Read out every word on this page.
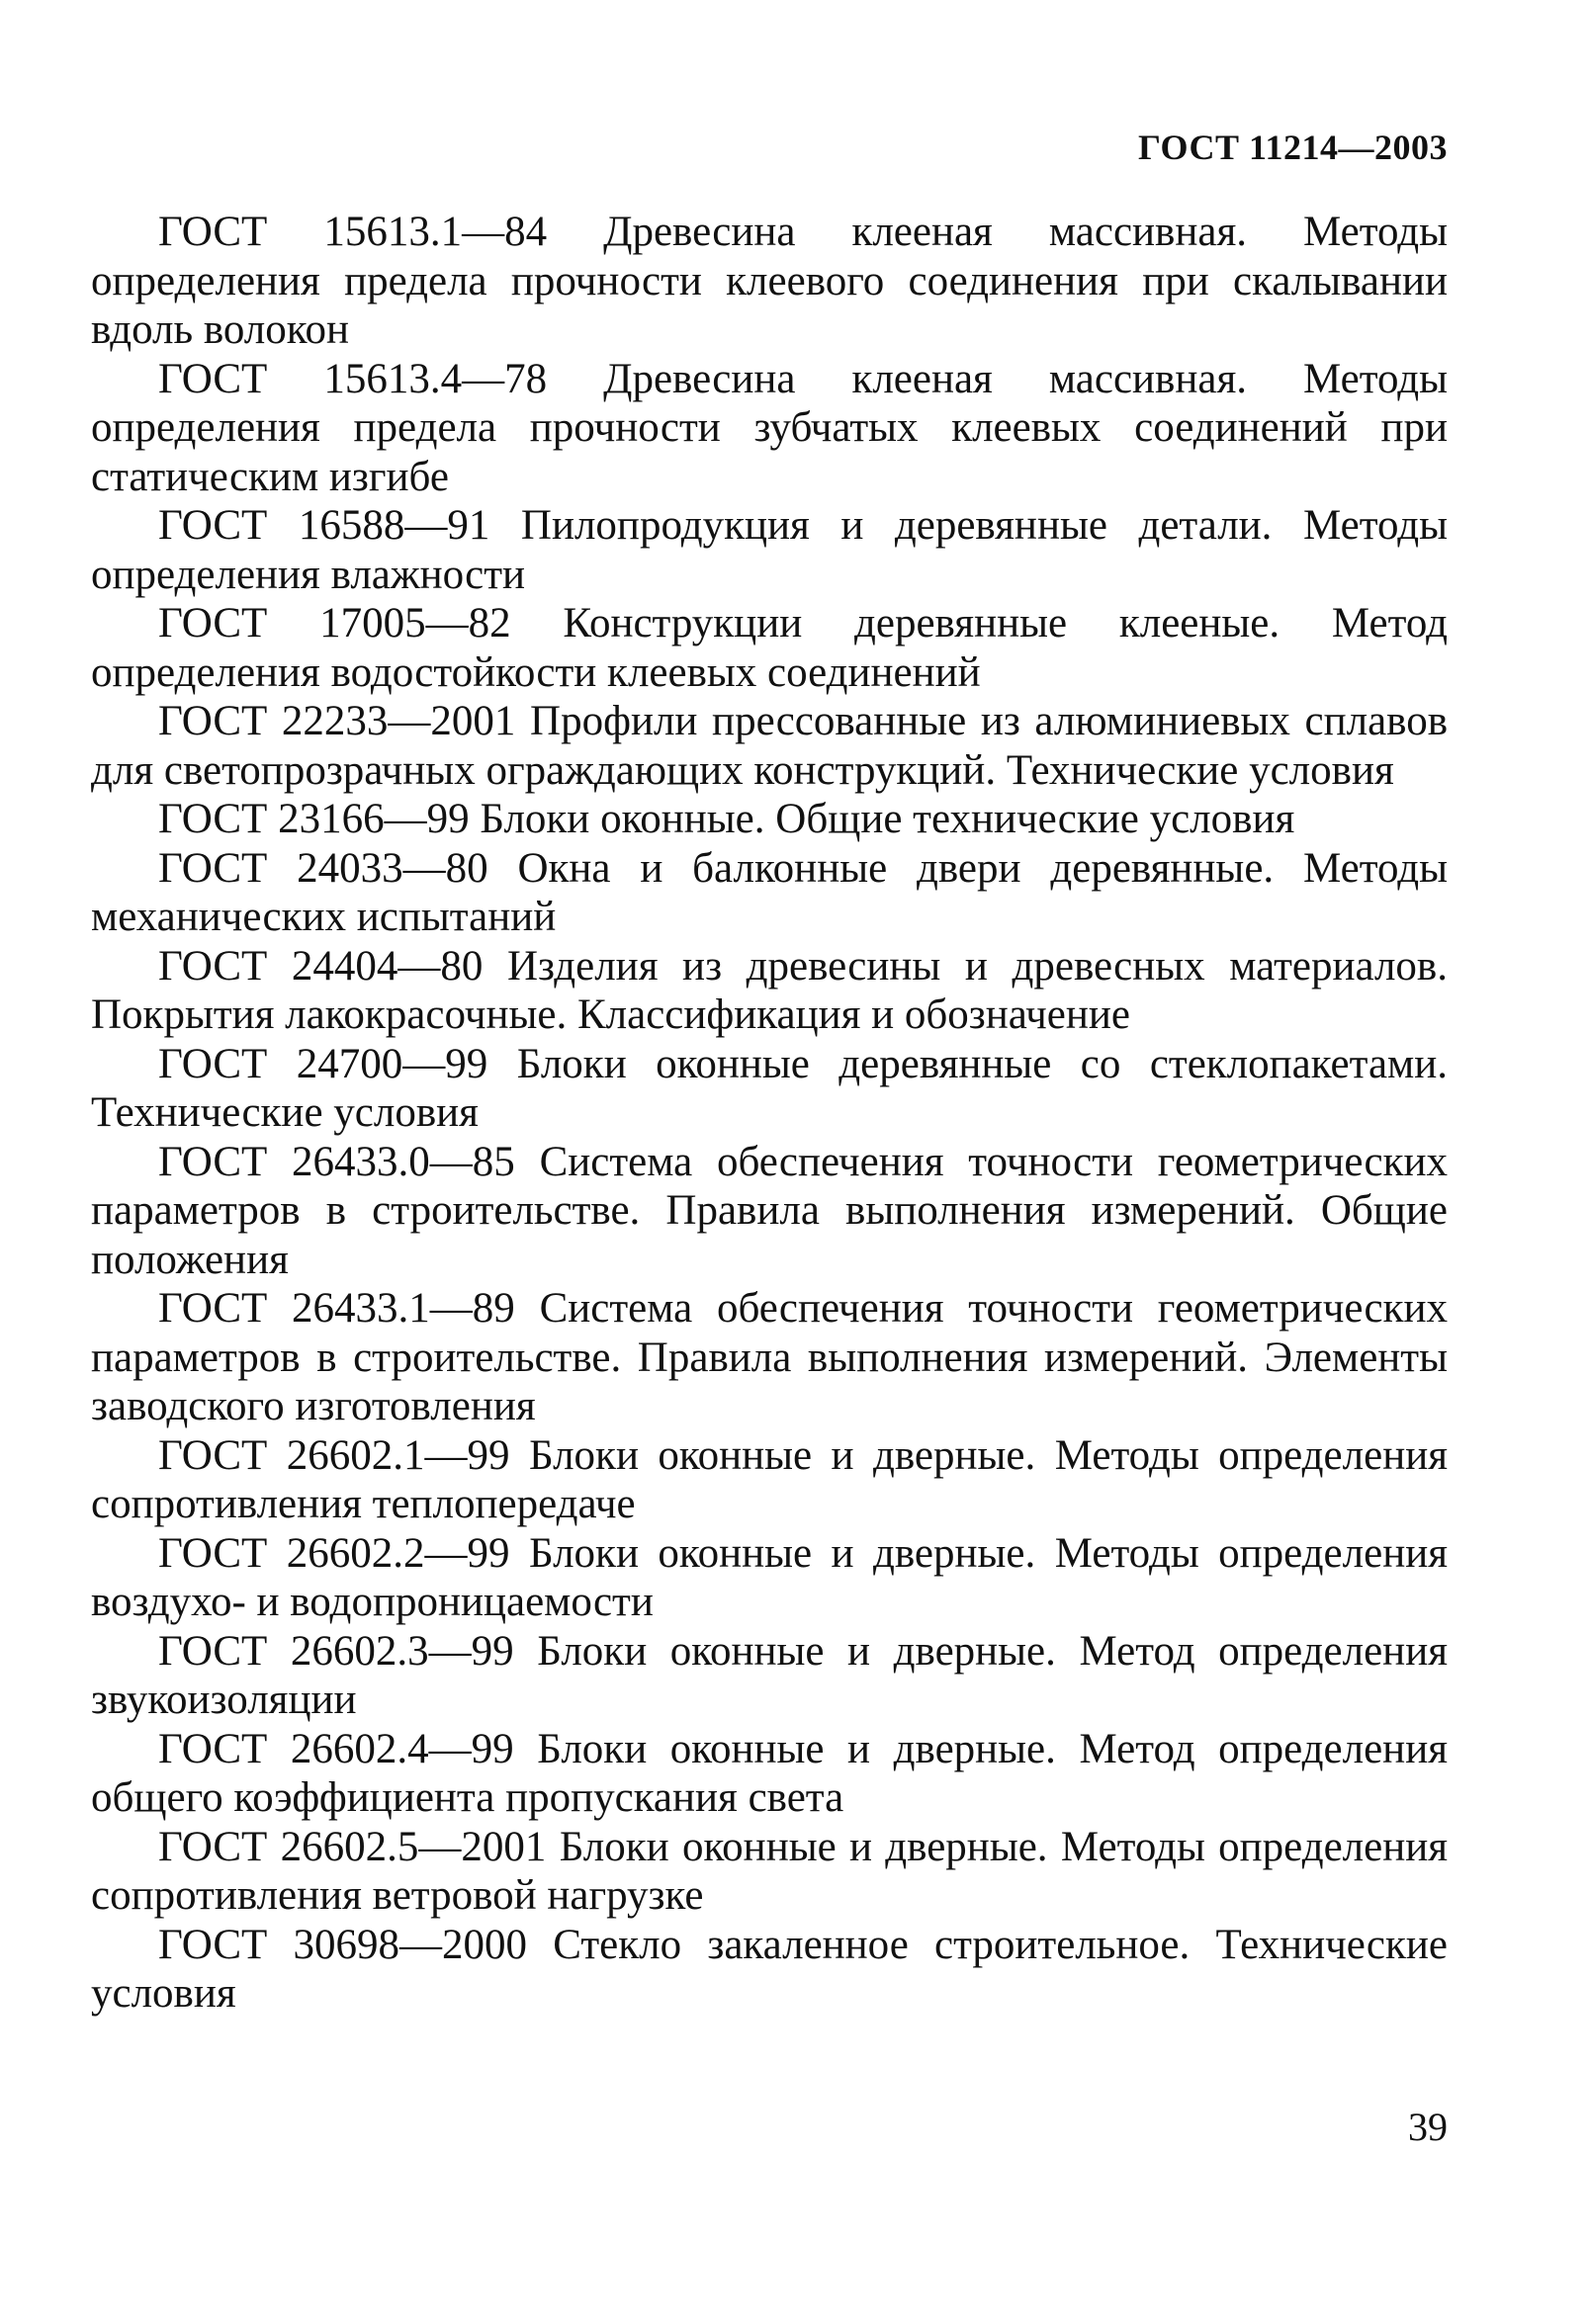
ГОСТ 11214—2003

ГОСТ 15613.1—84 Древесина клееная массивная. Методы определения предела прочности клеевого соединения при скалывании вдоль волокон

ГОСТ 15613.4—78 Древесина клееная массивная. Методы определения предела прочности зубчатых клеевых соединений при статическим изгибе

ГОСТ 16588—91 Пилопродукция и деревянные детали. Методы определения влажности

ГОСТ 17005—82 Конструкции деревянные клееные. Метод определения водостойкости клеевых соединений

ГОСТ 22233—2001 Профили прессованные из алюминиевых сплавов для светопрозрачных ограждающих конструкций. Технические условия

ГОСТ 23166—99 Блоки оконные. Общие технические условия

ГОСТ 24033—80 Окна и балконные двери деревянные. Методы механических испытаний

ГОСТ 24404—80 Изделия из древесины и древесных материалов. Покрытия лакокрасочные. Классификация и обозначение

ГОСТ 24700—99 Блоки оконные деревянные со стеклопакетами. Технические условия

ГОСТ 26433.0—85 Система обеспечения точности геометрических параметров в строительстве. Правила выполнения измерений. Общие положения

ГОСТ 26433.1—89 Система обеспечения точности геометрических параметров в строительстве. Правила выполнения измерений. Элементы заводского изготовления

ГОСТ 26602.1—99 Блоки оконные и дверные. Методы определения сопротивления теплопередаче

ГОСТ 26602.2—99 Блоки оконные и дверные. Методы определения воздухо- и водопроницаемости

ГОСТ 26602.3—99 Блоки оконные и дверные. Метод определения звукоизоляции

ГОСТ 26602.4—99 Блоки оконные и дверные. Метод определения общего коэффициента пропускания света

ГОСТ 26602.5—2001 Блоки оконные и дверные. Методы определения сопротивления ветровой нагрузке

ГОСТ 30698—2000 Стекло закаленное строительное. Технические условия

39
